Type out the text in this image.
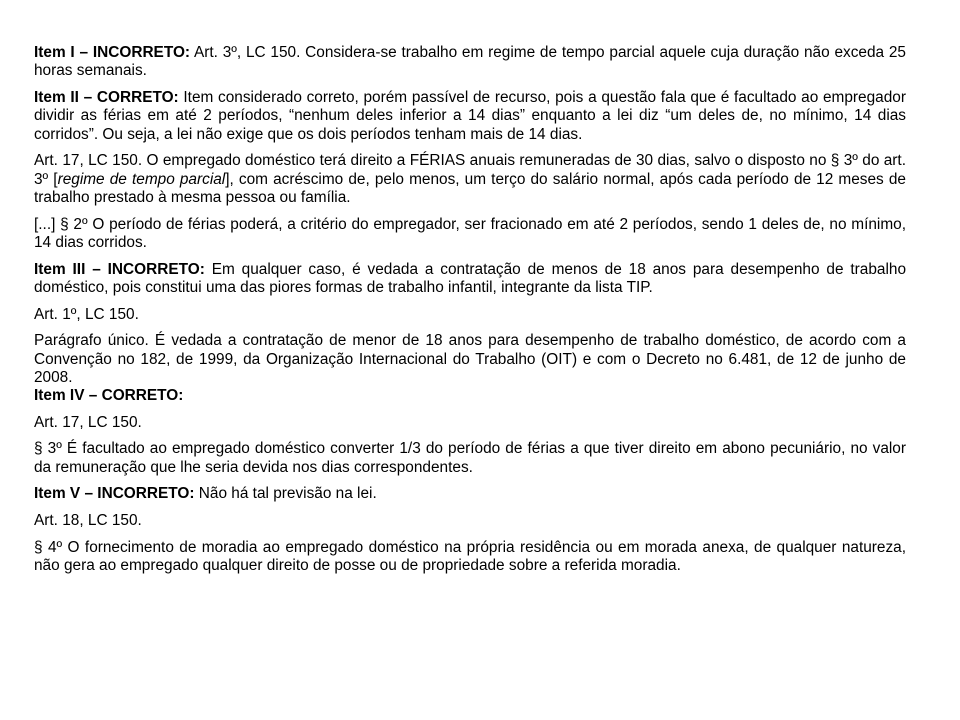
Item I – INCORRETO: Art. 3º, LC 150. Considera-se trabalho em regime de tempo parcial aquele cuja duração não exceda 25 horas semanais.

Item II – CORRETO: Item considerado correto, porém passível de recurso, pois a questão fala que é facultado ao empregador dividir as férias em até 2 períodos, “nenhum deles inferior a 14 dias” enquanto a lei diz “um deles de, no mínimo, 14 dias corridos”. Ou seja, a lei não exige que os dois períodos tenham mais de 14 dias.

Art. 17, LC 150. O empregado doméstico terá direito a FÉRIAS anuais remuneradas de 30 dias, salvo o disposto no § 3º do art. 3º [regime de tempo parcial], com acréscimo de, pelo menos, um terço do salário normal, após cada período de 12 meses de trabalho prestado à mesma pessoa ou família.

[...] § 2º O período de férias poderá, a critério do empregador, ser fracionado em até 2 períodos, sendo 1 deles de, no mínimo, 14 dias corridos.

Item III – INCORRETO: Em qualquer caso, é vedada a contratação de menos de 18 anos para desempenho de trabalho doméstico, pois constitui uma das piores formas de trabalho infantil, integrante da lista TIP.

Art. 1º, LC 150.

Parágrafo único. É vedada a contratação de menor de 18 anos para desempenho de trabalho doméstico, de acordo com a Convenção no 182, de 1999, da Organização Internacional do Trabalho (OIT) e com o Decreto no 6.481, de 12 de junho de 2008.

Item IV – CORRETO:

Art. 17, LC 150.

§ 3º É facultado ao empregado doméstico converter 1/3 do período de férias a que tiver direito em abono pecuniário, no valor da remuneração que lhe seria devida nos dias correspondentes.

Item V – INCORRETO: Não há tal previsão na lei.

Art. 18, LC 150.

§ 4º O fornecimento de moradia ao empregado doméstico na própria residência ou em morada anexa, de qualquer natureza, não gera ao empregado qualquer direito de posse ou de propriedade sobre a referida moradia.
